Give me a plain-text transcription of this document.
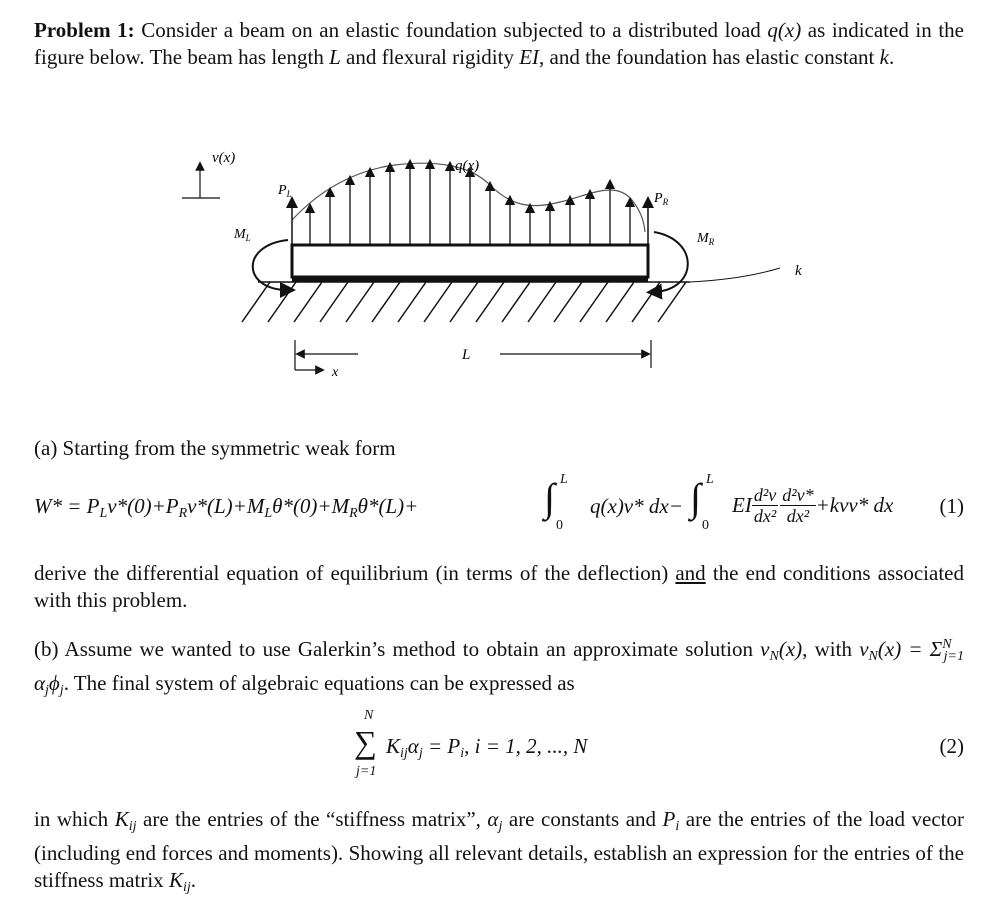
Problem 1: Consider a beam on an elastic foundation subjected to a distributed load q(x) as indicated in the figure below. The beam has length L and flexural rigidity EI, and the foundation has elastic constant k.
v(x)	q(x)
$P_L$	$P_R$
$M_L$	$M_R$
k
L
x
(a) Starting from the symmetric weak form
$W* = P_Lv*(0)+P_Rv*(L)+M_L\theta*(0)+M_R\theta*(L)+$	∫ L
0
q(x)v* dx− ∫ L
0
EI $\frac{\text{d²v}}{\text{dx²}} \frac{\text{d²v*}}{\text{dx²}} +kvv*$ dx (1)
derive the differential equation of equilibrium (in terms of the deflection) and the end conditions associated with this problem.
(b) Assume we wanted to use Galerkin’s method to obtain an approximate solution $v_N(x)$, with $v_N(x) = \Sigma^N_{j=1}$ $\alpha_j\phi_j$. The final system of algebraic equations can be expressed as
N
∑
j=1
$K_{ij}\alpha_j = P_i$, i = 1, 2, ..., N	(2)
in which $K_{ij}$ are the entries of the “stiffness matrix”, $\alpha_j$ are constants and $P_i$ are the entries of the load vector (including end forces and moments). Showing all relevant details, establish an expression for the entries of the stiffness matrix $K_{ij}$.
